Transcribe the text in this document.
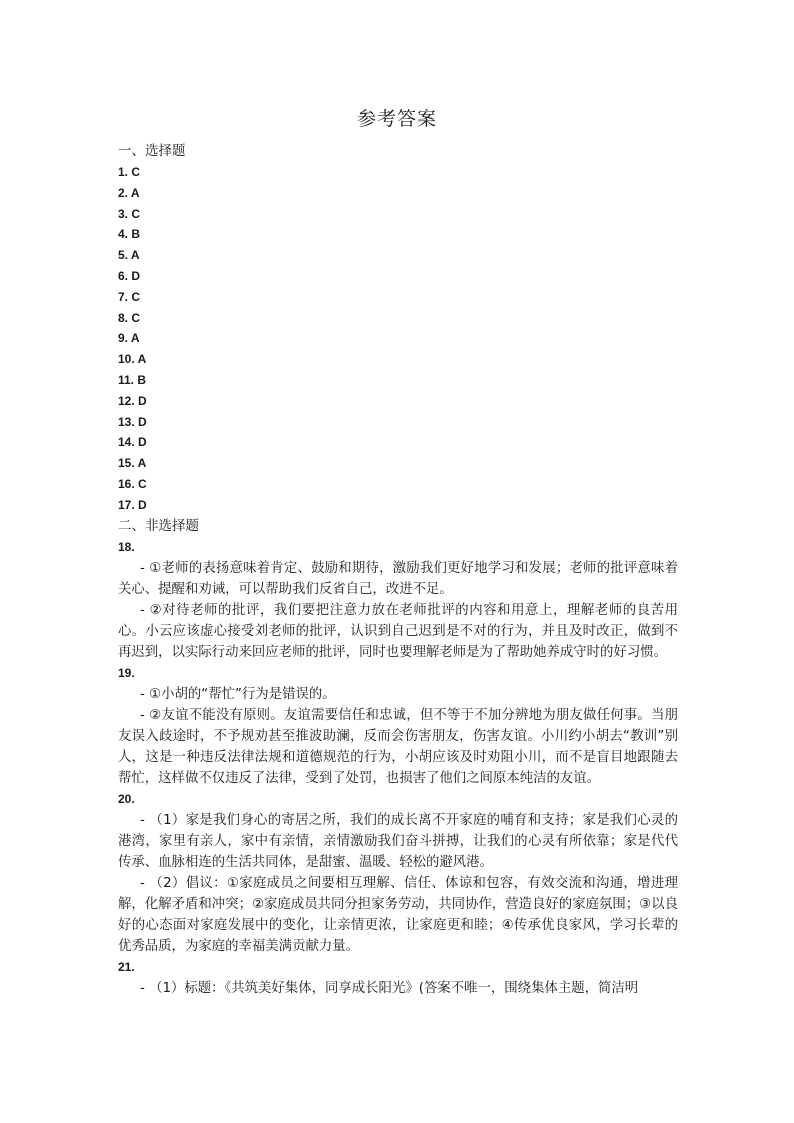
参考答案
一、选择题
1. C
2. A
3. C
4. B
5. A
6. D
7. C
8. C
9. A
10. A
11. B
12. D
13. D
14. D
15. A
16. C
17. D
二、非选择题
18.

- ①老师的表扬意味着肯定、鼓励和期待，激励我们更好地学习和发展；老师的批评意味着关心、提醒和劝诫，可以帮助我们反省自己，改进不足。

- ②对待老师的批评，我们要把注意力放在老师批评的内容和用意上，理解老师的良苦用心。小云应该虚心接受刘老师的批评，认识到自己迟到是不对的行为，并且及时改正，做到不再迟到，以实际行动来回应老师的批评，同时也要理解老师是为了帮助她养成守时的好习惯。

19.

- ①小胡的“帮忙”行为是错误的。

- ②友谊不能没有原则。友谊需要信任和忠诚，但不等于不加分辨地为朋友做任何事。当朋友误入歧途时，不予规劝甚至推波助澜，反而会伤害朋友，伤害友谊。小川约小胡去“教训”别人，这是一种违反法律法规和道德规范的行为，小胡应该及时劝阻小川，而不是盲目地跟随去帮忙，这样做不仅违反了法律，受到了处罚，也损害了他们之间原本纯洁的友谊。

20.

- （1）家是我们身心的寄居之所，我们的成长离不开家庭的哺育和支持；家是我们心灵的港湾，家里有亲人，家中有亲情，亲情激励我们奋斗拼搏，让我们的心灵有所依靠；家是代代传承、血脉相连的生活共同体，是甜蜜、温暖、轻松的避风港。

- （2）倡议：①家庭成员之间要相互理解、信任、体谅和包容，有效交流和沟通，增进理解，化解矛盾和冲突；②家庭成员共同分担家务劳动，共同协作，营造良好的家庭氛围；③以良好的心态面对家庭发展中的变化，让亲情更浓，让家庭更和睦；④传承优良家风，学习长辈的优秀品质，为家庭的幸福美满贡献力量。

21.

- （1）标题：《共筑美好集体，同享成长阳光》(答案不唯一，围绕集体主题，简洁明
